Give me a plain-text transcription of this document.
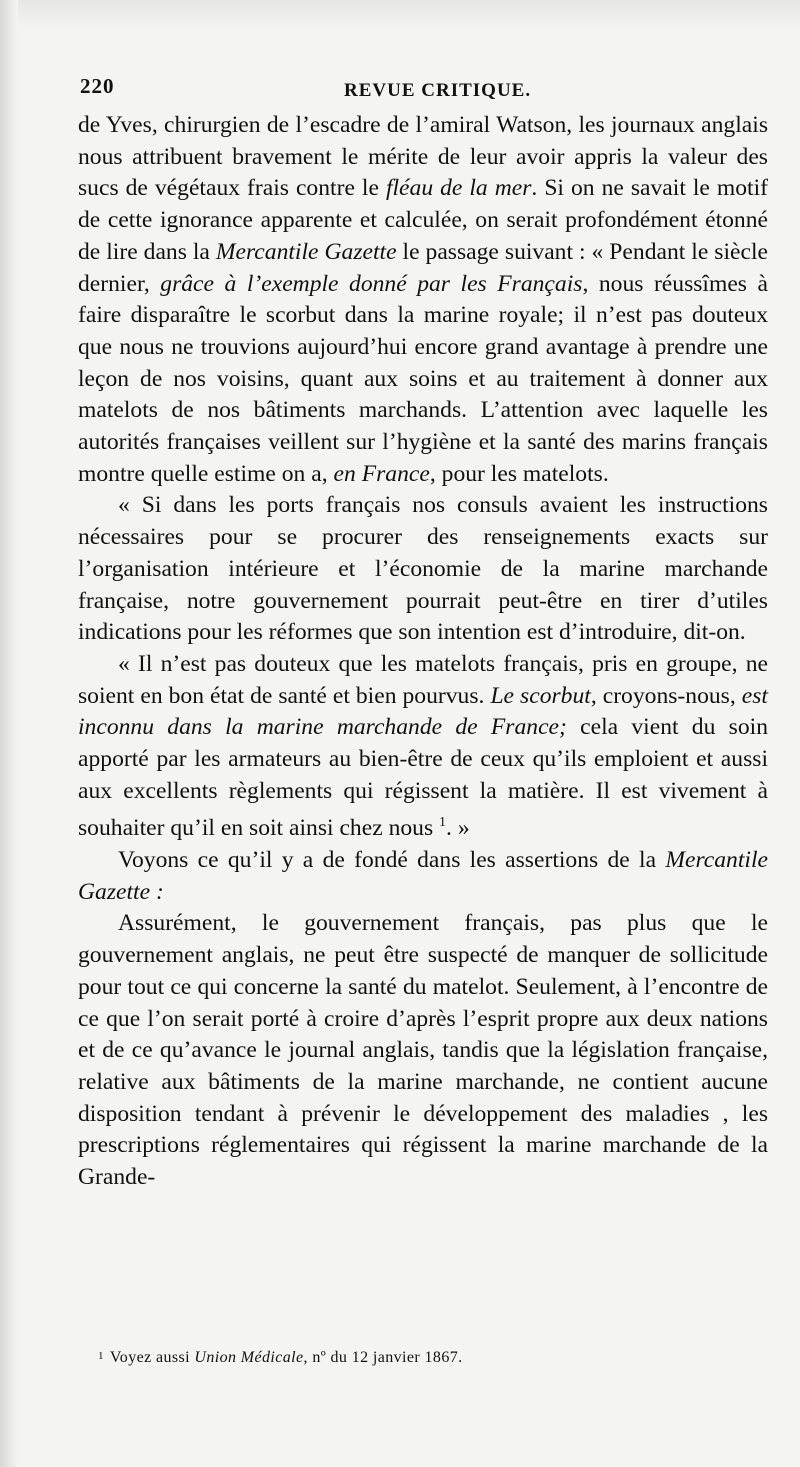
220	REVUE CRITIQUE.

de Yves, chirurgien de l’escadre de l’amiral Watson, les journaux anglais nous attribuent bravement le mérite de leur avoir appris la valeur des sucs de végétaux frais contre le fléau de la mer. Si on ne savait le motif de cette ignorance apparente et calculée, on serait profondément étonné de lire dans la Mercantile Gazette le passage suivant : « Pendant le siècle dernier, grâce à l’exemple donné par les Français, nous réussîmes à faire disparaître le scorbut dans la marine royale; il n’est pas douteux que nous ne trouvions aujourd’hui encore grand avantage à prendre une leçon de nos voisins, quant aux soins et au traitement à donner aux matelots de nos bâtiments marchands. L’attention avec laquelle les autorités françaises veillent sur l’hygiène et la santé des marins français montre quelle estime on a, en France, pour les matelots.

« Si dans les ports français nos consuls avaient les instructions nécessaires pour se procurer des renseignements exacts sur l’organisation intérieure et l’économie de la marine marchande française, notre gouvernement pourrait peut-être en tirer d’utiles indications pour les réformes que son intention est d’introduire, dit-on.

« Il n’est pas douteux que les matelots français, pris en groupe, ne soient en bon état de santé et bien pourvus. Le scorbut, croyons-nous, est inconnu dans la marine marchande de France; cela vient du soin apporté par les armateurs au bien-être de ceux qu’ils emploient et aussi aux excellents règlements qui régissent la matière. Il est vivement à souhaiter qu’il en soit ainsi chez nous $^1$. »

Voyons ce qu’il y a de fondé dans les assertions de la Mercantile Gazette :

Assurément, le gouvernement français, pas plus que le gouvernement anglais, ne peut être suspecté de manquer de sollicitude pour tout ce qui concerne la santé du matelot. Seulement, à l’encontre de ce que l’on serait porté à croire d’après l’esprit propre aux deux nations et de ce qu’avance le journal anglais, tandis que la législation française, relative aux bâtiments de la marine marchande, ne contient aucune disposition tendant à prévenir le développement des maladies , les prescriptions réglementaires qui régissent la marine marchande de la Grande-

$^1$ Voyez aussi Union Médicale, nº du 12 janvier 1867.
